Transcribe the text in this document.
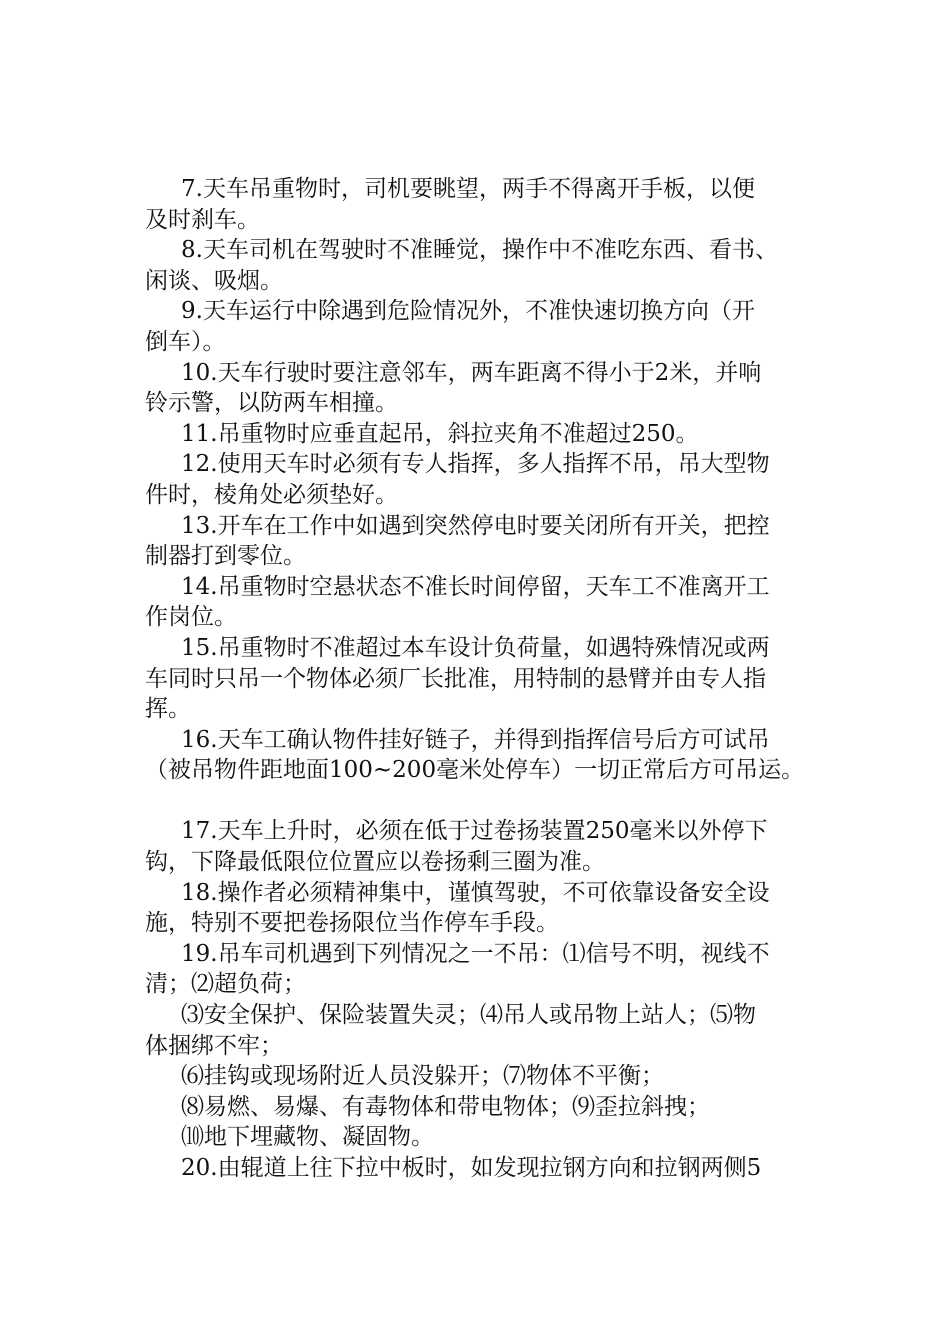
7.天车吊重物时，司机要眺望，两手不得离开手板，以便
及时刹车。
8.天车司机在驾驶时不准睡觉，操作中不准吃东西、看书、
闲谈、吸烟。
9.天车运行中除遇到危险情况外，不准快速切换方向（开
倒车）。
10.天车行驶时要注意邻车，两车距离不得小于2米，并响
铃示警，以防两车相撞。
11.吊重物时应垂直起吊，斜拉夹角不准超过250。
12.使用天车时必须有专人指挥，多人指挥不吊，吊大型物
件时，棱角处必须垫好。
13.开车在工作中如遇到突然停电时要关闭所有开关，把控
制器打到零位。
14.吊重物时空悬状态不准长时间停留，天车工不准离开工
作岗位。
15.吊重物时不准超过本车设计负荷量，如遇特殊情况或两
车同时只吊一个物体必须厂长批准，用特制的悬臂并由专人指
挥。
16.天车工确认物件挂好链子，并得到指挥信号后方可试吊
（被吊物件距地面100~200毫米处停车）一切正常后方可吊运。
17.天车上升时，必须在低于过卷扬装置250毫米以外停下
钩，下降最低限位位置应以卷扬剩三圈为准。
18.操作者必须精神集中，谨慎驾驶，不可依靠设备安全设
施，特别不要把卷扬限位当作停车手段。
19.吊车司机遇到下列情况之一不吊：⑴信号不明，视线不
清；⑵超负荷；
⑶安全保护、保险装置失灵；⑷吊人或吊物上站人；⑸物
体捆绑不牢；
⑹挂钩或现场附近人员没躲开；⑺物体不平衡；
⑻易燃、易爆、有毒物体和带电物体；⑼歪拉斜拽；
⑽地下埋藏物、凝固物。
20.由辊道上往下拉中板时，如发现拉钢方向和拉钢两侧5
